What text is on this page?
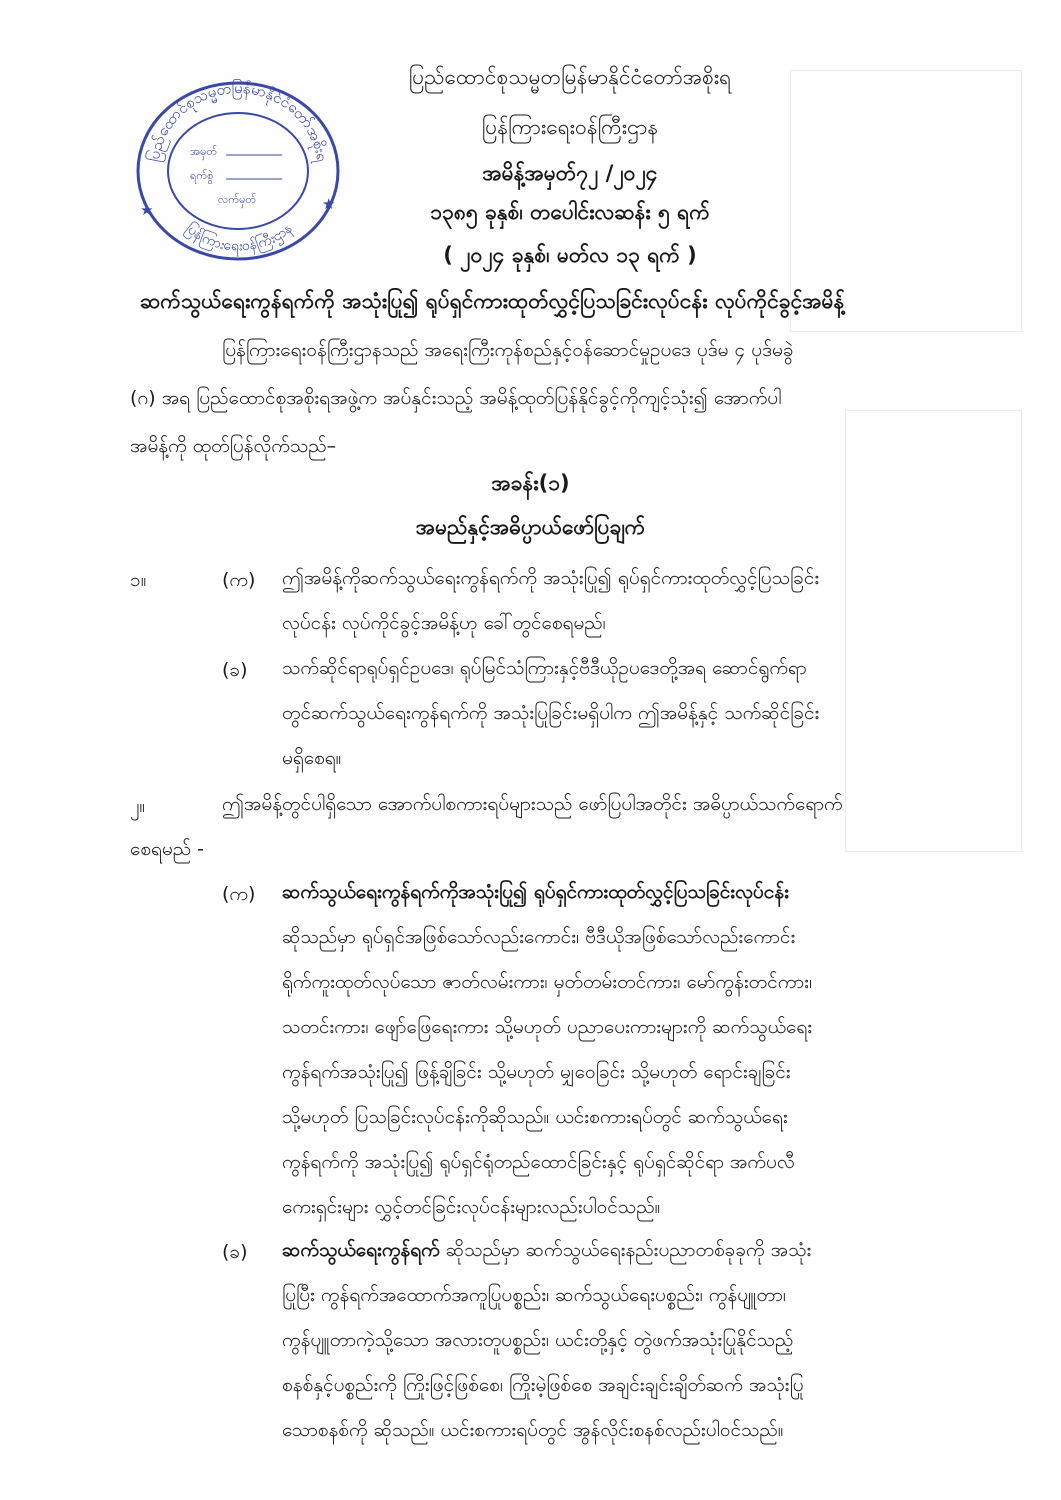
ပြည်ထောင်စုသမ္မတမြန်မာနိုင်ငံတော်အစိုးရ
ပြန်ကြားရေးဝန်ကြီးဌာန
★	★
အမှတ်
ရက်စွဲ
လက်မှတ်
ပြည်ထောင်စုသမ္မတမြန်မာနိုင်ငံတော်အစိုးရ
ပြန်ကြားရေးဝန်ကြီးဌာန
အမိန့်အမှတ်၇၂ /၂၀၂၄
၁၃၈၅ ခုနှစ်၊ တပေါင်းလဆန်း ၅ ရက်
( ၂၀၂၄ ခုနှစ်၊ မတ်လ ၁၃ ရက် )
ဆက်သွယ်ရေးကွန်ရက်ကို အသုံးပြု၍ ရုပ်ရှင်ကားထုတ်လွှင့်ပြသခြင်းလုပ်ငန်း လုပ်ကိုင်ခွင့်အမိန့်
ပြန်ကြားရေးဝန်ကြီးဌာနသည် အရေးကြီးကုန်စည်နှင့်ဝန်ဆောင်မှုဥပဒေ ပုဒ်မ ၄ ပုဒ်မခွဲ
(ဂ) အရ ပြည်ထောင်စုအစိုးရအဖွဲ့က အပ်နှင်းသည့် အမိန့်ထုတ်ပြန်နိုင်ခွင့်ကိုကျင့်သုံး၍ အောက်ပါ
အမိန့်ကို ထုတ်ပြန်လိုက်သည်–
အခန်း(၁)
အမည်နှင့်အဓိပ္ပာယ်ဖော်ပြချက်
၁။	(က) ဤအမိန့်ကိုဆက်သွယ်ရေးကွန်ရက်ကို အသုံးပြု၍ ရုပ်ရှင်ကားထုတ်လွှင့်ပြသခြင်း
လုပ်ငန်း လုပ်ကိုင်ခွင့်အမိန့်ဟု ခေါ်တွင်စေရမည်၊
(ခ) သက်ဆိုင်ရာရုပ်ရှင်ဥပဒေ၊ ရုပ်မြင်သံကြားနှင့်ဗီဒီယိုဥပဒေတို့အရ ဆောင်ရွက်ရာ
တွင်ဆက်သွယ်ရေးကွန်ရက်ကို အသုံးပြုခြင်းမရှိပါက ဤအမိန့်နှင့် သက်ဆိုင်ခြင်း
မရှိစေရ။
၂။	ဤအမိန့်တွင်ပါရှိသော အောက်ပါစကားရပ်များသည် ဖော်ပြပါအတိုင်း အဓိပ္ပာယ်သက်ရောက်
စေရမည် -
(က) ဆက်သွယ်ရေးကွန်ရက်ကိုအသုံးပြု၍ ရုပ်ရှင်ကားထုတ်လွှင့်ပြသခြင်းလုပ်ငန်း
ဆိုသည်မှာ ရုပ်ရှင်အဖြစ်သော်လည်းကောင်း၊ ဗီဒီယိုအဖြစ်သော်လည်းကောင်း
ရိုက်ကူးထုတ်လုပ်သော ဇာတ်လမ်းကား၊ မှတ်တမ်းတင်ကား၊ မော်ကွန်းတင်ကား၊
သတင်းကား၊ ဖျော်ဖြေရေးကား သို့မဟုတ် ပညာပေးကားများကို ဆက်သွယ်ရေး
ကွန်ရက်အသုံးပြု၍ ဖြန့်ချိခြင်း သို့မဟုတ် မျှဝေခြင်း သို့မဟုတ် ရောင်းချခြင်း
သို့မဟုတ် ပြသခြင်းလုပ်ငန်းကိုဆိုသည်။ ယင်းစကားရပ်တွင် ဆက်သွယ်ရေး
ကွန်ရက်ကို အသုံးပြု၍ ရုပ်ရှင်ရုံတည်ထောင်ခြင်းနှင့် ရုပ်ရှင်ဆိုင်ရာ အက်ပလီ
ကေးရှင်းများ လွှင့်တင်ခြင်းလုပ်ငန်းများလည်းပါဝင်သည်။
(ခ) ဆက်သွယ်ရေးကွန်ရက် ဆိုသည်မှာ ဆက်သွယ်ရေးနည်းပညာတစ်ခုခုကို အသုံး
ပြုပြီး ကွန်ရက်အထောက်အကူပြုပစ္စည်း၊ ဆက်သွယ်ရေးပစ္စည်း၊ ကွန်ပျူတာ၊
ကွန်ပျူတာကဲ့သို့သော အလားတူပစ္စည်း၊ ယင်းတို့နှင့် တွဲဖက်အသုံးပြုနိုင်သည့်
စနစ်နှင့်ပစ္စည်းကို ကြိုးဖြင့်ဖြစ်စေ၊ ကြိုးမဲ့ဖြစ်စေ အချင်းချင်းချိတ်ဆက် အသုံးပြု
သောစနစ်ကို ဆိုသည်။ ယင်းစကားရပ်တွင် အွန်လိုင်းစနစ်လည်းပါဝင်သည်။
